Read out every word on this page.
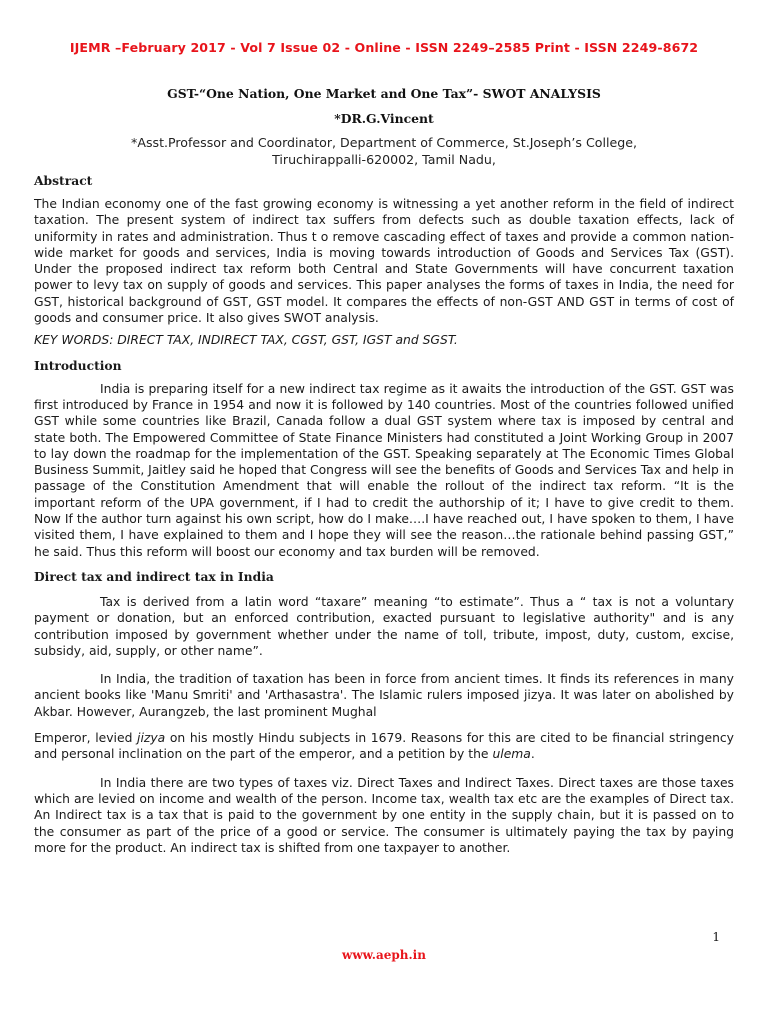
IJEMR –February 2017 - Vol 7 Issue 02 - Online - ISSN 2249–2585 Print - ISSN 2249-8672
GST-“One Nation, One Market and One Tax”- SWOT ANALYSIS
*DR.G.Vincent
*Asst.Professor and Coordinator, Department of Commerce, St.Joseph’s College,
Tiruchirappalli-620002, Tamil Nadu,
Abstract

The Indian economy one of the fast growing economy is witnessing a yet another reform in the field of indirect taxation. The present system of indirect tax suffers from defects such as double taxation effects, lack of uniformity in rates and administration. Thus t o remove cascading effect of taxes and provide a common nation-wide market for goods and services, India is moving towards introduction of Goods and Services Tax (GST). Under the proposed indirect tax reform both Central and State Governments will have concurrent taxation power to levy tax on supply of goods and services. This paper analyses the forms of taxes in India, the need for GST, historical background of GST, GST model. It compares the effects of non-GST AND GST in terms of cost of goods and consumer price. It also gives SWOT analysis.

KEY WORDS: DIRECT TAX, INDIRECT TAX, CGST, GST, IGST and SGST.

Introduction

India is preparing itself for a new indirect tax regime as it awaits the introduction of the GST. GST was first introduced by France in 1954 and now it is followed by 140 countries. Most of the countries followed unified GST while some countries like Brazil, Canada follow a dual GST system where tax is imposed by central and state both. The Empowered Committee of State Finance Ministers had constituted a Joint Working Group in 2007 to lay down the roadmap for the implementation of the GST. Speaking separately at The Economic Times Global Business Summit, Jaitley said he hoped that Congress will see the benefits of Goods and Services Tax and help in passage of the Constitution Amendment that will enable the rollout of the indirect tax reform. “It is the important reform of the UPA government, if I had to credit the authorship of it; I have to give credit to them. Now If the author turn against his own script, how do I make….I have reached out, I have spoken to them, I have visited them, I have explained to them and I hope they will see the reason…the rationale behind passing GST,” he said. Thus this reform will boost our economy and tax burden will be removed.

Direct tax and indirect tax in India

Tax is derived from a latin word “taxare” meaning “to estimate”. Thus a “ tax is not a voluntary payment or donation, but an enforced contribution, exacted pursuant to legislative authority" and is any contribution imposed by government whether under the name of toll, tribute, impost, duty, custom, excise, subsidy, aid, supply, or other name”.

In India, the tradition of taxation has been in force from ancient times. It finds its references in many ancient books like 'Manu Smriti' and 'Arthasastra'. The Islamic rulers imposed jizya. It was later on abolished by Akbar. However, Aurangzeb, the last prominent Mughal

Emperor, levied jizya on his mostly Hindu subjects in 1679. Reasons for this are cited to be financial stringency and personal inclination on the part of the emperor, and a petition by the ulema.

In India there are two types of taxes viz. Direct Taxes and Indirect Taxes. Direct taxes are those taxes which are levied on income and wealth of the person. Income tax, wealth tax etc are the examples of Direct tax. An Indirect tax is a tax that is paid to the government by one entity in the supply chain, but it is passed on to the consumer as part of the price of a good or service. The consumer is ultimately paying the tax by paying more for the product. An indirect tax is shifted from one taxpayer to another.

1
www.aeph.in
